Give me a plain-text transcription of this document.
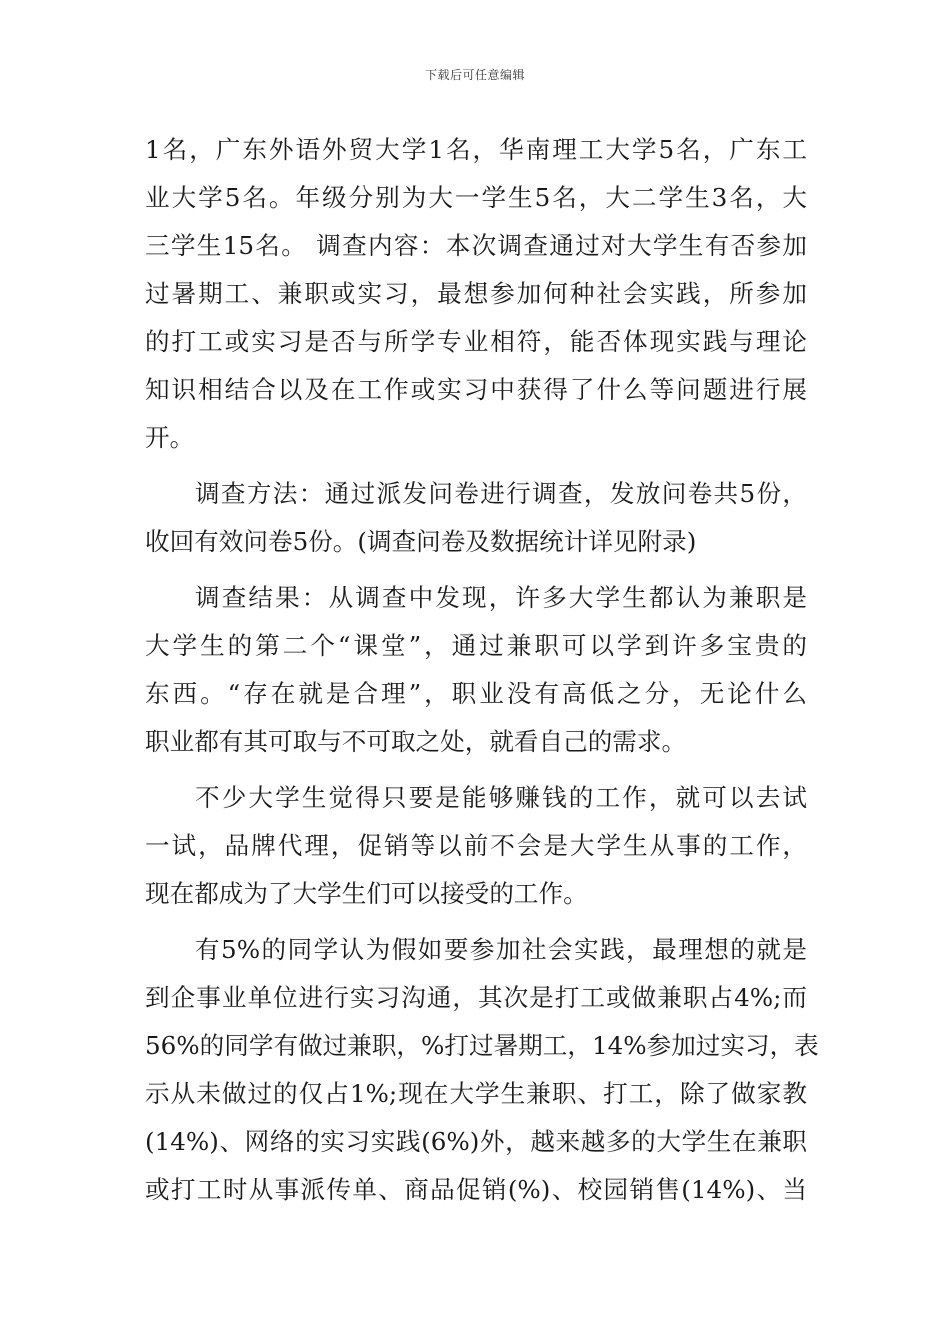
下载后可任意编辑
1名，广东外语外贸大学1名，华南理工大学5名，广东工
业大学5名。年级分别为大一学生5名，大二学生3名，大
三学生15名。 调查内容：本次调查通过对大学生有否参加
过暑期工、兼职或实习，最想参加何种社会实践，所参加
的打工或实习是否与所学专业相符，能否体现实践与理论
知识相结合以及在工作或实习中获得了什么等问题进行展
开。
调查方法：通过派发问卷进行调查，发放问卷共5份，
收回有效问卷5份。(调查问卷及数据统计详见附录)
调查结果：从调查中发现，许多大学生都认为兼职是
大学生的第二个“课堂”，通过兼职可以学到许多宝贵的
东西。“存在就是合理”，职业没有高低之分，无论什么
职业都有其可取与不可取之处，就看自己的需求。
不少大学生觉得只要是能够赚钱的工作，就可以去试
一试，品牌代理，促销等以前不会是大学生从事的工作，
现在都成为了大学生们可以接受的工作。
有5%的同学认为假如要参加社会实践，最理想的就是
到企事业单位进行实习沟通，其次是打工或做兼职占4%;而
56%的同学有做过兼职，%打过暑期工，14%参加过实习，表
示从未做过的仅占1%;现在大学生兼职、打工，除了做家教
(14%)、网络的实习实践(6%)外，越来越多的大学生在兼职
或打工时从事派传单、商品促销(%)、校园销售(14%)、当
